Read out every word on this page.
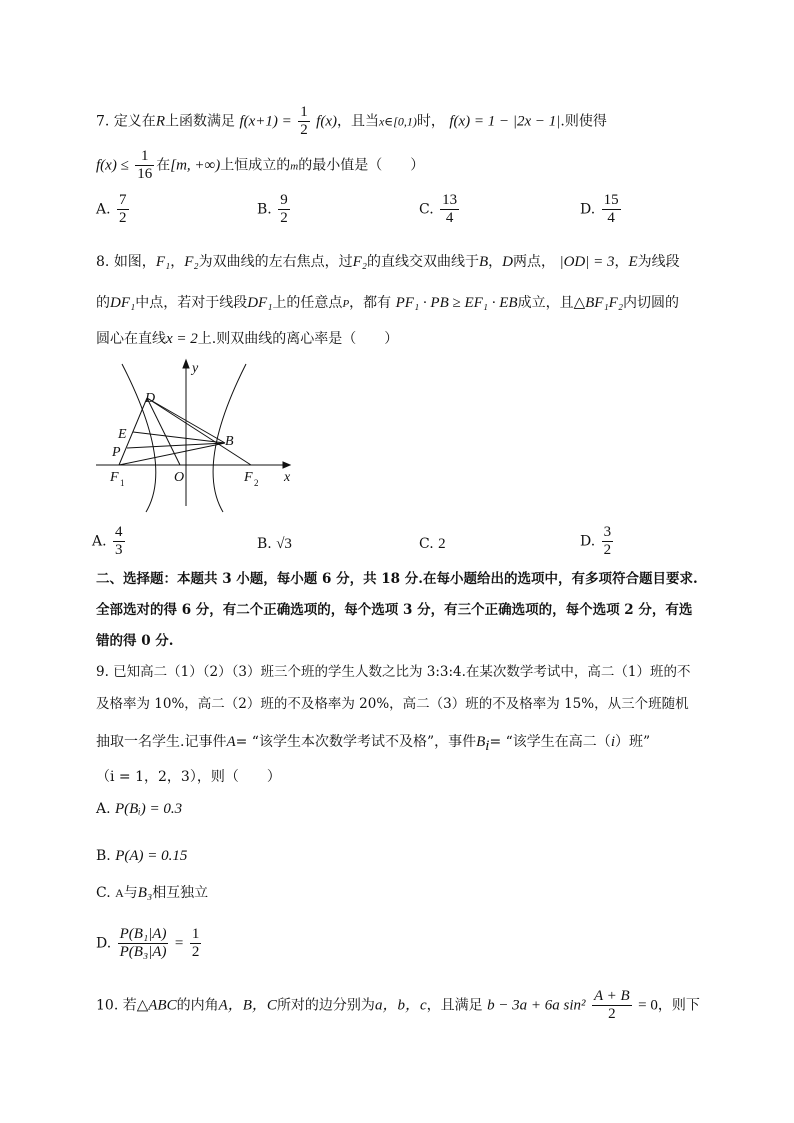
7. 定义在R上函数满足 $f(x+1) = \frac{1}{2} f(x)$，且当x∈[0,1)时， f(x) = 1 − |2x − 1|.则使得
$f(x) \le \frac{1}{16}$ 在[m, +∞)上恒成立的m的最小值是（　　）
A. $\frac{7}{2}$	B. $\frac{9}{2}$	C. $\frac{13}{4}$	D. $\frac{15}{4}$
8. 如图，F₁，F₂为双曲线的左右焦点，过F₂的直线交双曲线于B，D两点， |OD| = 3，E为线段
的DF₁中点，若对于线段DF₁上的任意点P，都有 PF₁ · PB ≥ EF₁ · EB成立，且△BF₁F₂内切圆的
圆心在直线x = 2上.则双曲线的离心率是（　　）
y
x
D
E
P
B
F 1	O	F 2
A. $\frac{4}{3}$	B. √3	C. 2	D. $\frac{3}{2}$
二、选择题：本题共 3 小题，每小题 6 分，共 18 分.在每小题给出的选项中，有多项符合题目要求.
全部选对的得 6 分，有二个正确选项的，每个选项 3 分，有三个正确选项的，每个选项 2 分，有选
错的得 0 分.
9. 已知高二（1）（2）（3）班三个班的学生人数之比为 3:3:4.在某次数学考试中，高二（1）班的不
及格率为 10%，高二（2）班的不及格率为 20%，高二（3）班的不及格率为 15%，从三个班随机
抽取一名学生.记事件A= “该学生本次数学考试不及格”，事件$B_i=$ “该学生在高二（i）班”
（i = 1，2，3），则（　　）
A. P(Bᵢ) = 0.3
B. P(A) = 0.15
C. A与B₃相互独立
D. $\frac{\text{P(B₁|A)}}{\text{P(B₃|A)}} = \frac{1}{2}$
10. 若△ABC的内角A，B，C所对的边分别为a，b，c，且满足 b − 3a + 6a $\sin^2 \frac{A + B}{2} = 0$，则下
